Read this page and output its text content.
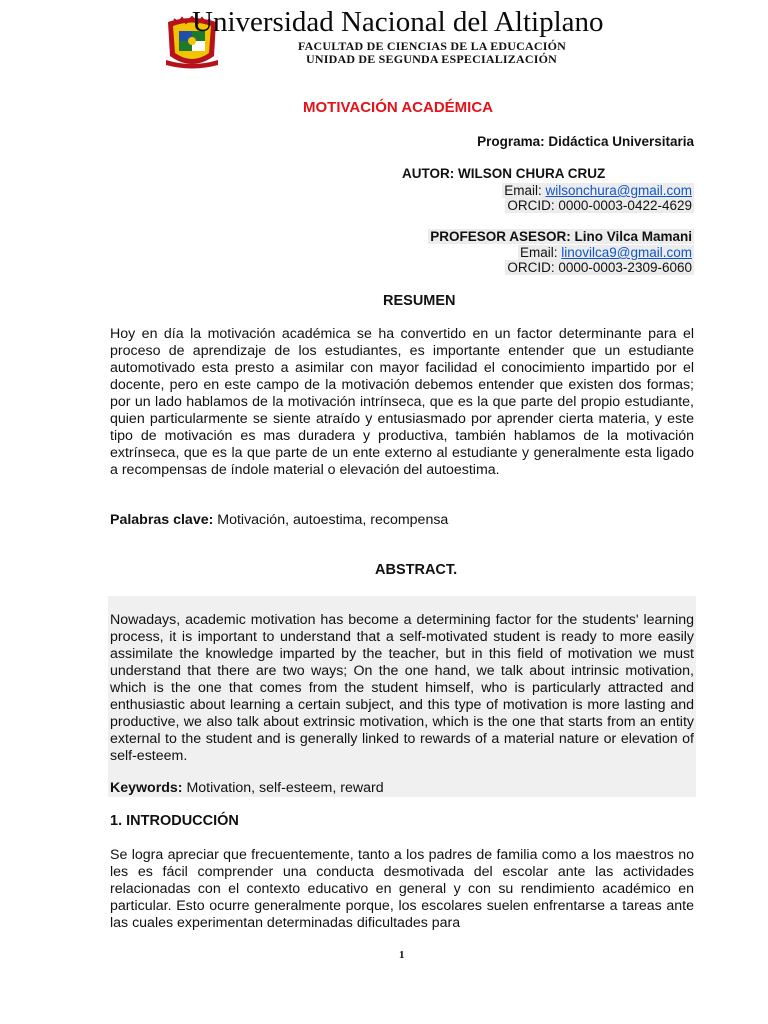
Universidad Nacional del Altiplano
FACULTAD DE CIENCIAS DE LA EDUCACIÓN
UNIDAD DE SEGUNDA ESPECIALIZACIÓN
MOTIVACIÓN ACADÉMICA
Programa: Didáctica Universitaria
AUTOR: WILSON CHURA CRUZ
Email: wilsonchura@gmail.com
ORCID: 0000-0003-0422-4629
PROFESOR ASESOR: Lino Vilca Mamani
Email: linovilca9@gmail.com
ORCID: 0000-0003-2309-6060
RESUMEN
Hoy en día la motivación académica se ha convertido en un factor determinante para el proceso de aprendizaje de los estudiantes, es importante entender que un estudiante automotivado esta presto a asimilar con mayor facilidad el conocimiento impartido por el docente, pero en este campo de la motivación debemos entender que existen dos formas; por un lado hablamos de la motivación intrínseca, que es la que parte del propio estudiante, quien particularmente se siente atraído y entusiasmado por aprender cierta materia, y este tipo de motivación es mas duradera y productiva, también hablamos de la motivación extrínseca, que es la que parte de un ente externo al estudiante y generalmente esta ligado a recompensas de índole material o elevación del autoestima.
Palabras clave: Motivación, autoestima, recompensa
ABSTRACT.
Nowadays, academic motivation has become a determining factor for the students' learning process, it is important to understand that a self-motivated student is ready to more easily assimilate the knowledge imparted by the teacher, but in this field of motivation we must understand that there are two ways; On the one hand, we talk about intrinsic motivation, which is the one that comes from the student himself, who is particularly attracted and enthusiastic about learning a certain subject, and this type of motivation is more lasting and productive, we also talk about extrinsic motivation, which is the one that starts from an entity external to the student and is generally linked to rewards of a material nature or elevation of self-esteem.
Keywords: Motivation, self-esteem, reward
1. INTRODUCCIÓN
Se logra apreciar que frecuentemente, tanto a los padres de familia como a los maestros no les es fácil comprender una conducta desmotivada del escolar ante las actividades relacionadas con el contexto educativo en general y con su rendimiento académico en particular. Esto ocurre generalmente porque, los escolares suelen enfrentarse a tareas ante las cuales experimentan determinadas dificultades para
1
